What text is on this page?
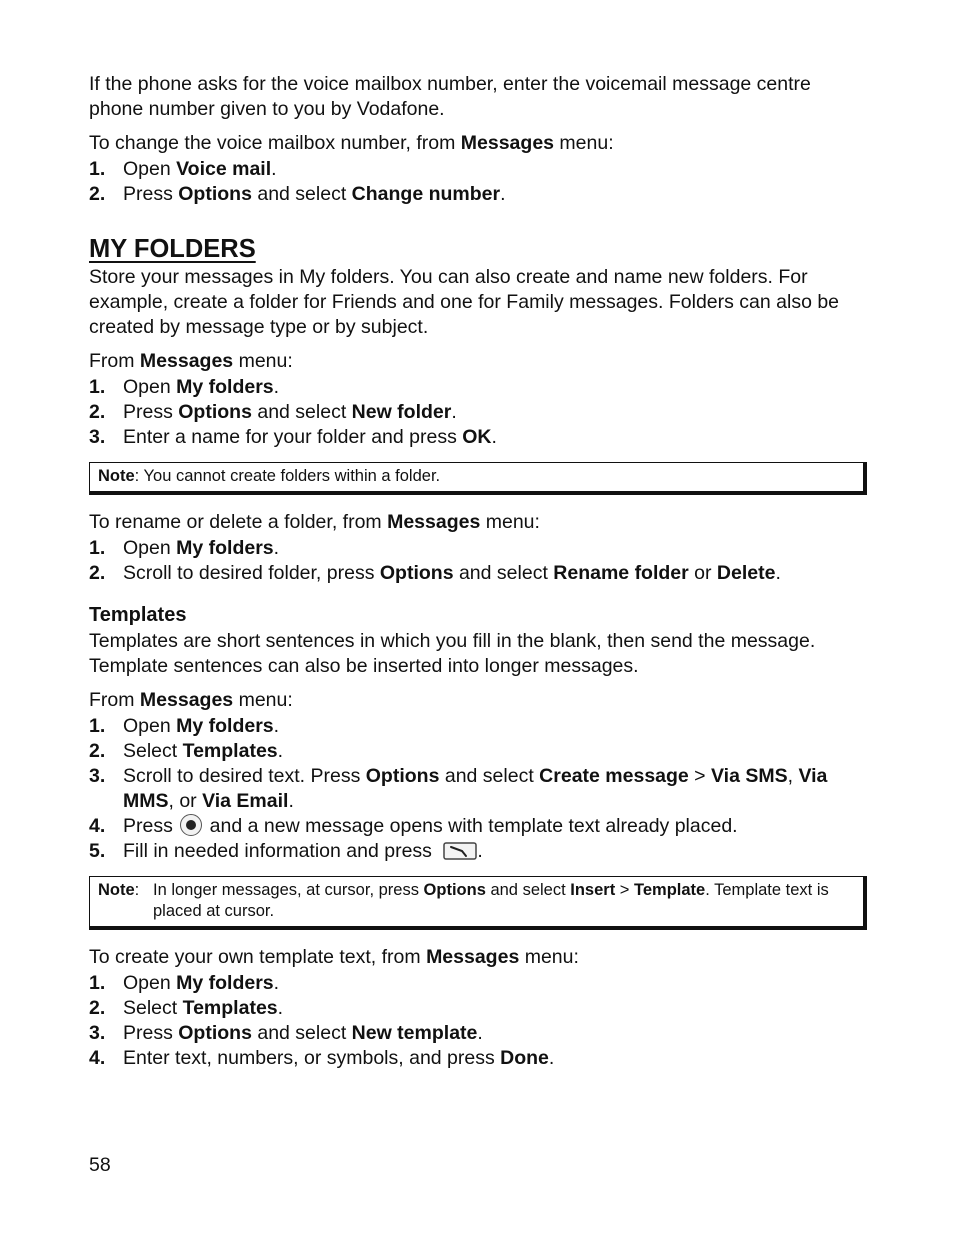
If the phone asks for the voice mailbox number, enter the voicemail message centre phone number given to you by Vodafone.

To change the voice mailbox number, from Messages menu:

1. Open Voice mail.
2. Press Options and select Change number.
MY FOLDERS

Store your messages in My folders. You can also create and name new folders. For example, create a folder for Friends and one for Family messages. Folders can also be created by message type or by subject.

From Messages menu:

1. Open My folders.
2. Press Options and select New folder.
3. Enter a name for your folder and press OK.
Note: You cannot create folders within a folder.

To rename or delete a folder, from Messages menu:

1. Open My folders.
2. Scroll to desired folder, press Options and select Rename folder or Delete.
Templates

Templates are short sentences in which you fill in the blank, then send the message. Template sentences can also be inserted into longer messages.

From Messages menu:

1. Open My folders.
2. Select Templates.
3. Scroll to desired text. Press Options and select Create message > Via SMS, Via MMS, or Via Email.
4. Press  and a new message opens with template text already placed.
5. Fill in needed information and press .
Note: In longer messages, at cursor, press Options and select Insert > Template. Template text is placed at cursor.

To create your own template text, from Messages menu:

1. Open My folders.
2. Select Templates.
3. Press Options and select New template.
4. Enter text, numbers, or symbols, and press Done.
58
